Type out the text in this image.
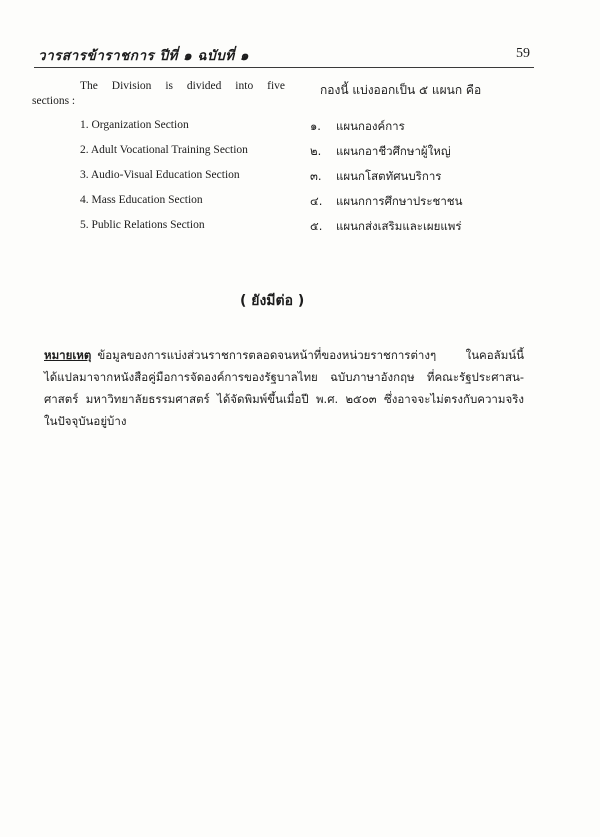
วารสารข้าราชการ ปีที่ ๑ ฉบับที่ ๑	59
The Division is divided into five
sections :
กองนี้ แบ่งออกเป็น ๕ แผนก คือ
1. Organization Section
2. Adult Vocational Training Section
3. Audio-Visual Education Section
4. Mass Education Section
5. Public Relations Section
๑. แผนกองค์การ
๒. แผนกอาชีวศึกษาผู้ใหญ่
๓. แผนกโสตทัศนบริการ
๔. แผนกการศึกษาประชาชน
๕. แผนกส่งเสริมและเผยแพร่
( ยังมีต่อ )
หมายเหตุ ข้อมูลของการแบ่งส่วนราชการตลอดจนหน้าที่ของหน่วยราชการต่างๆ ในคอลัมน์นี้
ได้แปลมาจากหนังสือคู่มือการจัดองค์การของรัฐบาลไทย ฉบับภาษาอังกฤษ ที่คณะรัฐประศาสน-
ศาสตร์ มหาวิทยาลัยธรรมศาสตร์ ได้จัดพิมพ์ขึ้นเมื่อปี พ.ศ. ๒๕๐๓ ซึ่งอาจจะไม่ตรงกับความจริง
ในปัจจุบันอยู่บ้าง
